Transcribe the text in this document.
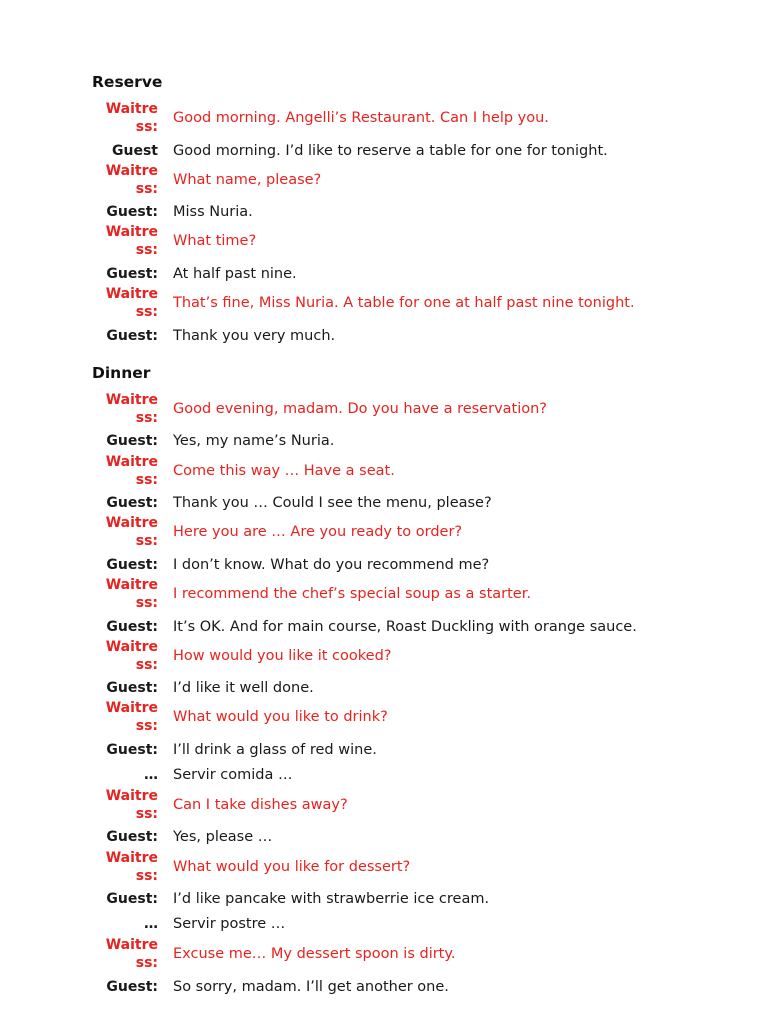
Reserve
Waitre
ss:
Good morning. Angelli’s Restaurant. Can I help you.
Guest Good morning. I’d like to reserve a table for one for tonight.
Waitre
ss:
What name, please?
Guest: Miss Nuria.
Waitre
ss:
What time?
Guest: At half past nine.
Waitre
ss:
That’s fine, Miss Nuria. A table for one at half past nine tonight.
Guest: Thank you very much.
Dinner
Waitre
ss:
Good evening, madam. Do you have a reservation?
Guest: Yes, my name’s Nuria.
Waitre
ss:
Come this way … Have a seat.
Guest: Thank you … Could I see the menu, please?
Waitre
ss:
Here you are … Are you ready to order?
Guest: I don’t know. What do you recommend me?
Waitre
ss:
I recommend the chef’s special soup as a starter.
Guest: It’s OK. And for main course, Roast Duckling with orange sauce.
Waitre
ss:
How would you like it cooked?
Guest: I’d like it well done.
Waitre
ss:
What would you like to drink?
Guest: I’ll drink a glass of red wine.
… Servir comida …
Waitre
ss:
Can I take dishes away?
Guest: Yes, please …
Waitre
ss:
What would you like for dessert?
Guest: I’d like pancake with strawberrie ice cream.
… Servir postre …
Waitre
ss:
Excuse me… My dessert spoon is dirty.
Guest: So sorry, madam. I’ll get another one.
